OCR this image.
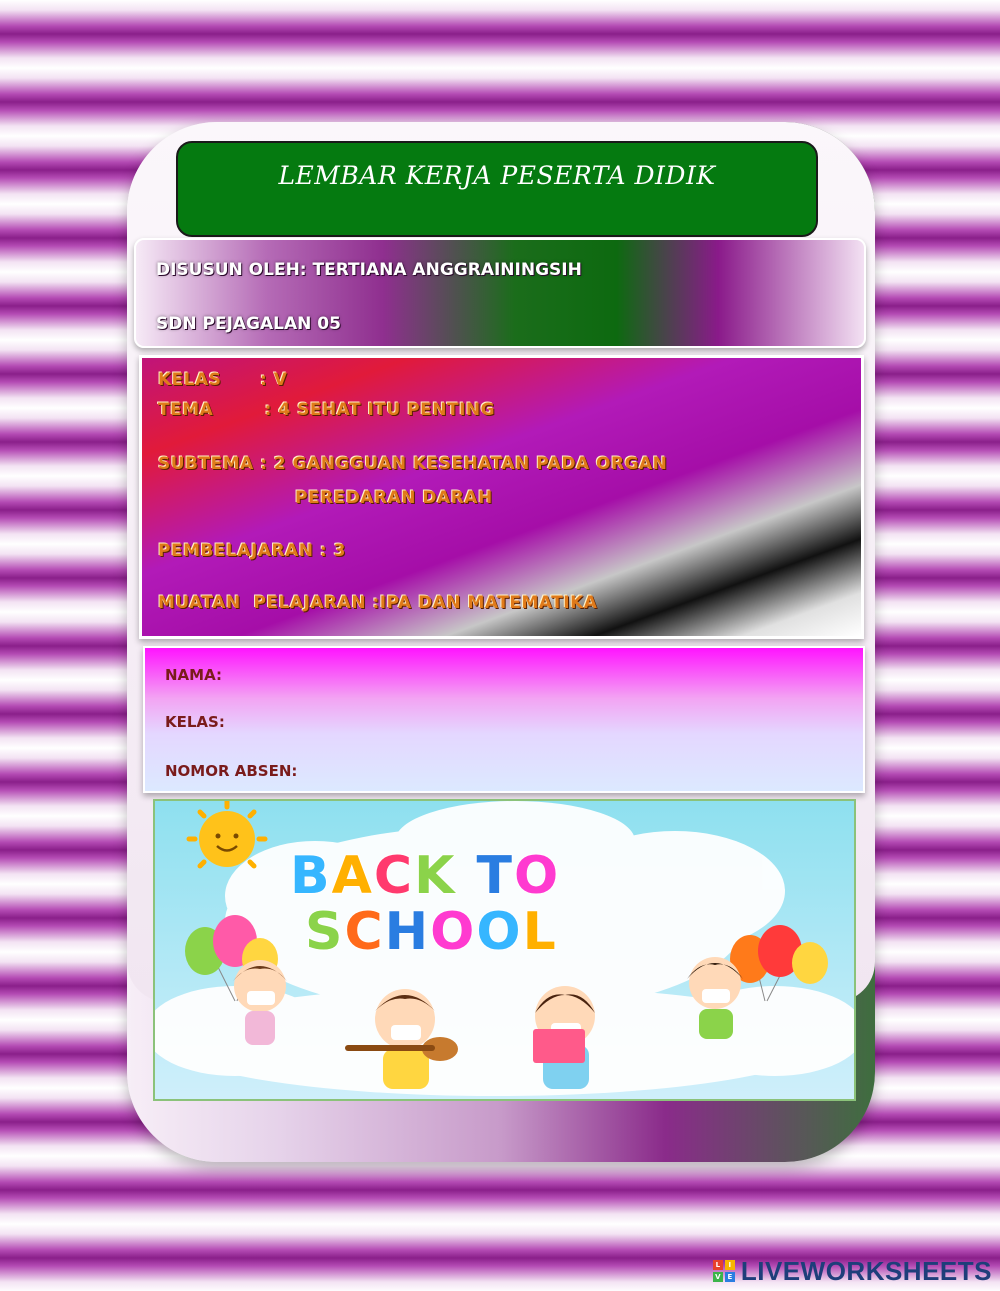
LEMBAR KERJA PESERTA DIDIK
DISUSUN OLEH: TERTIANA ANGGRAININGSIH
SDN PEJAGALAN 05
KELAS      : V
TEMA        : 4 SEHAT ITU PENTING
SUBTEMA : 2 GANGGUAN KESEHATAN PADA ORGAN
PEREDARAN DARAH
PEMBELAJARAN : 3
MUATAN  PELAJARAN :IPA DAN MATEMATIKA
NAMA:
KELAS:
NOMOR ABSEN:
BACK TO
SCHOOL
L	I
V E LIVEWORKSHEETS
